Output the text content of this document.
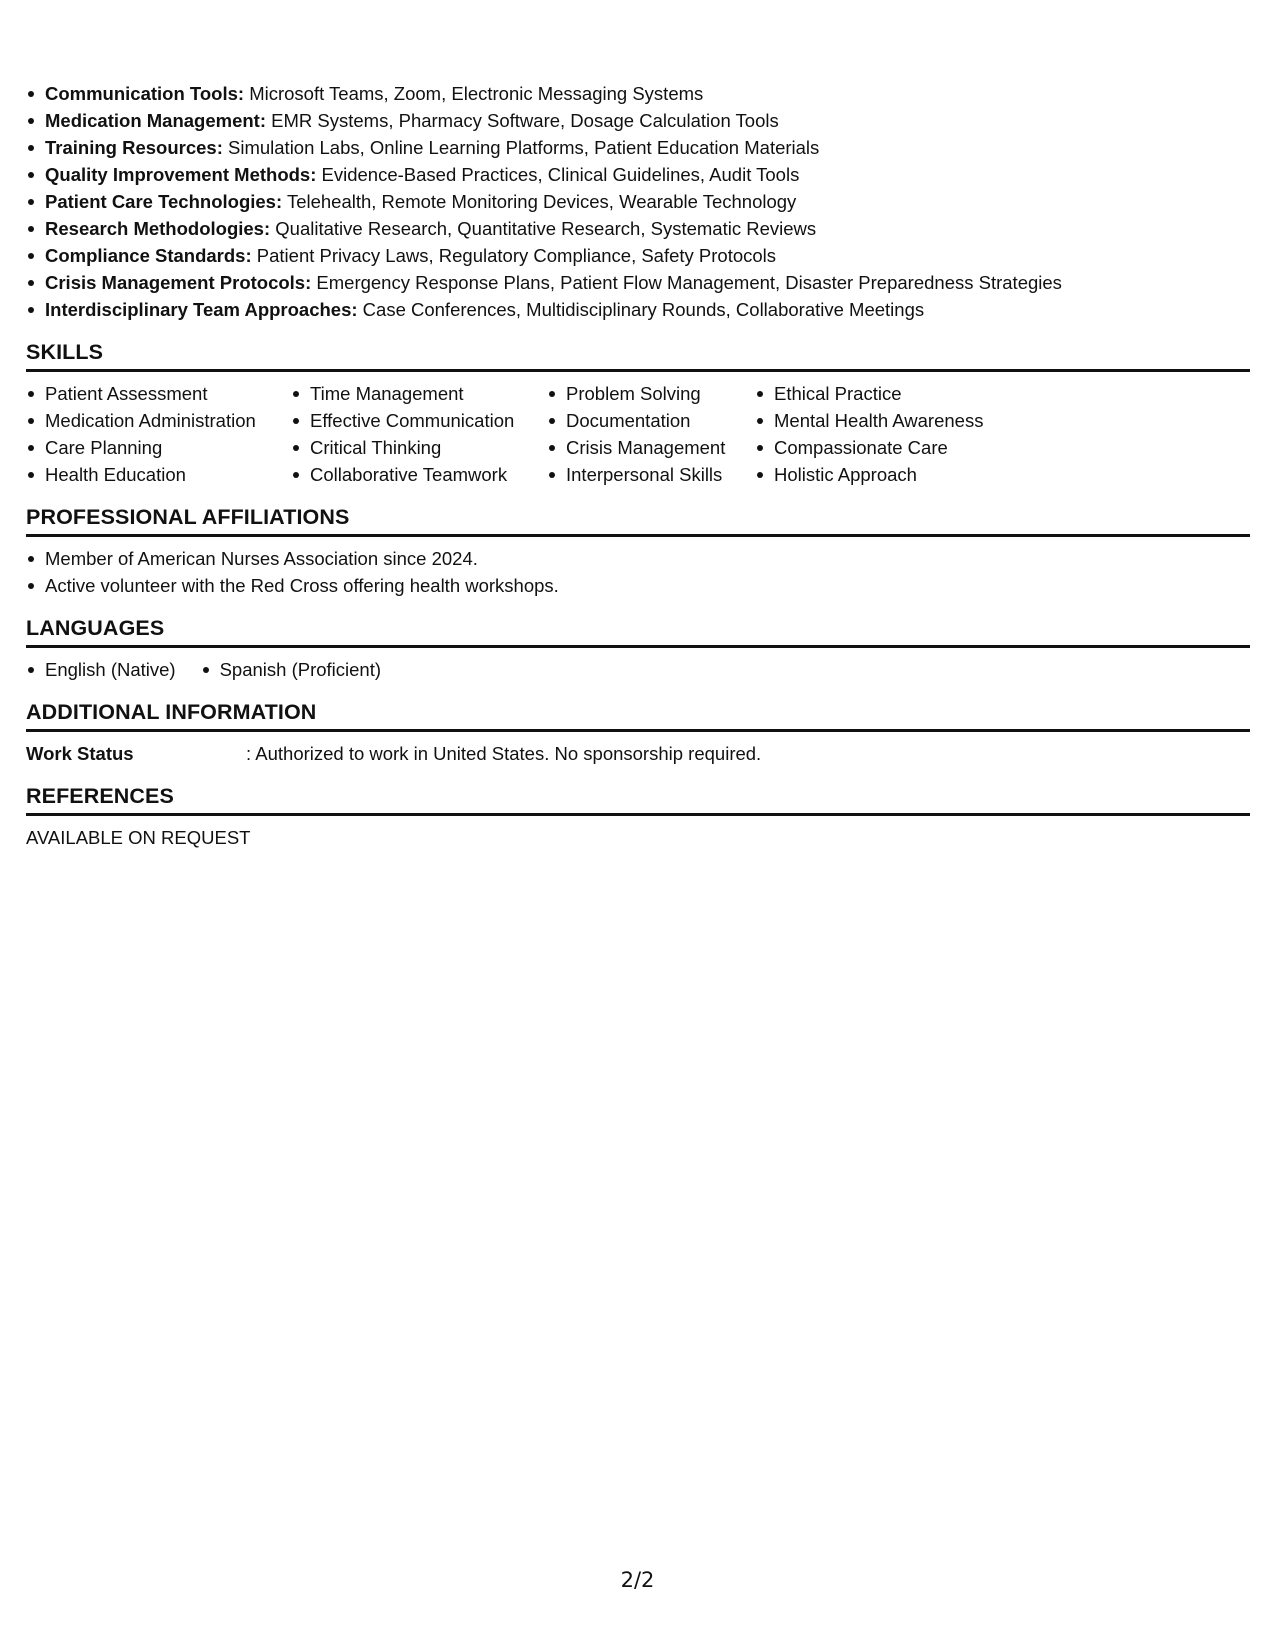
Communication Tools: Microsoft Teams, Zoom, Electronic Messaging Systems
Medication Management: EMR Systems, Pharmacy Software, Dosage Calculation Tools
Training Resources: Simulation Labs, Online Learning Platforms, Patient Education Materials
Quality Improvement Methods: Evidence-Based Practices, Clinical Guidelines, Audit Tools
Patient Care Technologies: Telehealth, Remote Monitoring Devices, Wearable Technology
Research Methodologies: Qualitative Research, Quantitative Research, Systematic Reviews
Compliance Standards: Patient Privacy Laws, Regulatory Compliance, Safety Protocols
Crisis Management Protocols: Emergency Response Plans, Patient Flow Management, Disaster Preparedness Strategies
Interdisciplinary Team Approaches: Case Conferences, Multidisciplinary Rounds, Collaborative Meetings
SKILLS
Patient Assessment
Medication Administration
Care Planning
Health Education
Time Management
Effective Communication
Critical Thinking
Collaborative Teamwork
Problem Solving
Documentation
Crisis Management
Interpersonal Skills
Ethical Practice
Mental Health Awareness
Compassionate Care
Holistic Approach
PROFESSIONAL AFFILIATIONS
Member of American Nurses Association since 2024.
Active volunteer with the Red Cross offering health workshops.
LANGUAGES
English (Native)	Spanish (Proficient)
ADDITIONAL INFORMATION
Work Status	: Authorized to work in United States. No sponsorship required.
REFERENCES
AVAILABLE ON REQUEST
2/2
